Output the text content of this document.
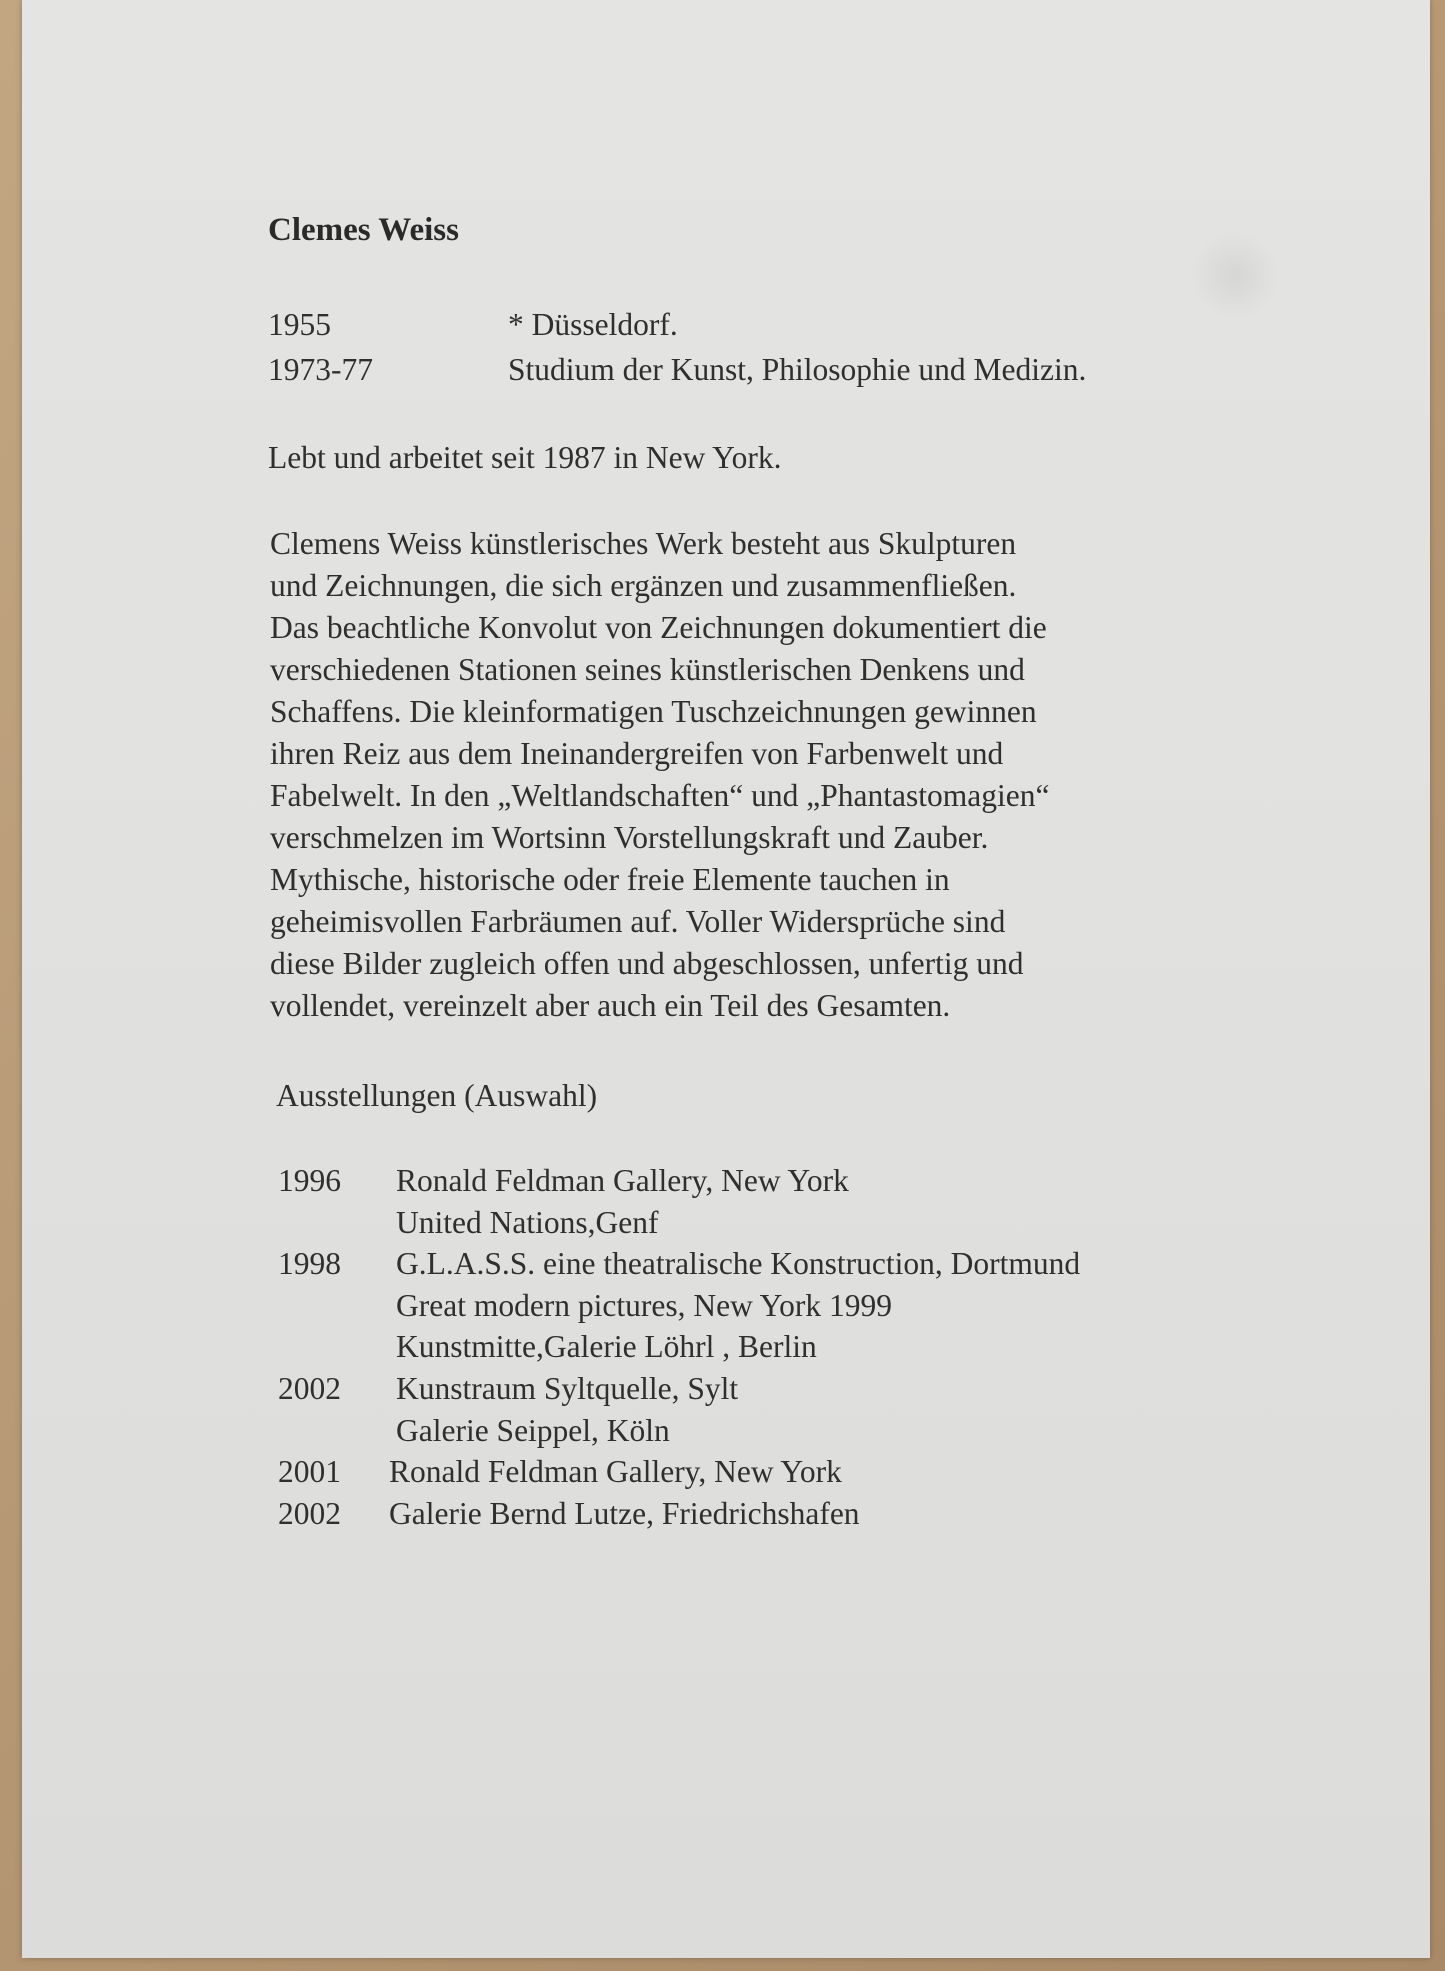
Clemes Weiss
1955	* Düsseldorf.
1973-77	Studium der Kunst, Philosophie und Medizin.
Lebt und arbeitet seit 1987 in New York.
Clemens Weiss künstlerisches Werk besteht aus Skulpturen
und Zeichnungen, die sich ergänzen und zusammenfließen.
Das beachtliche Konvolut von Zeichnungen dokumentiert die
verschiedenen Stationen seines künstlerischen Denkens und
Schaffens. Die kleinformatigen Tuschzeichnungen gewinnen
ihren Reiz aus dem Ineinandergreifen von Farbenwelt und
Fabelwelt. In den „Weltlandschaften“ und „Phantastomagien“
verschmelzen im Wortsinn Vorstellungskraft und Zauber.
Mythische, historische oder freie Elemente tauchen in
geheimisvollen Farbräumen auf. Voller Widersprüche sind
diese Bilder zugleich offen und abgeschlossen, unfertig und
vollendet, vereinzelt aber auch ein Teil des Gesamten.
Ausstellungen (Auswahl)
1996 Ronald Feldman Gallery, New York
United Nations,Genf
1998 G.L.A.S.S. eine theatralische Konstruction, Dortmund
Great modern pictures, New York 1999
Kunstmitte,Galerie Löhrl , Berlin
2002 Kunstraum Syltquelle, Sylt
Galerie Seippel, Köln
2001 Ronald Feldman Gallery, New York
2002 Galerie Bernd Lutze, Friedrichshafen
